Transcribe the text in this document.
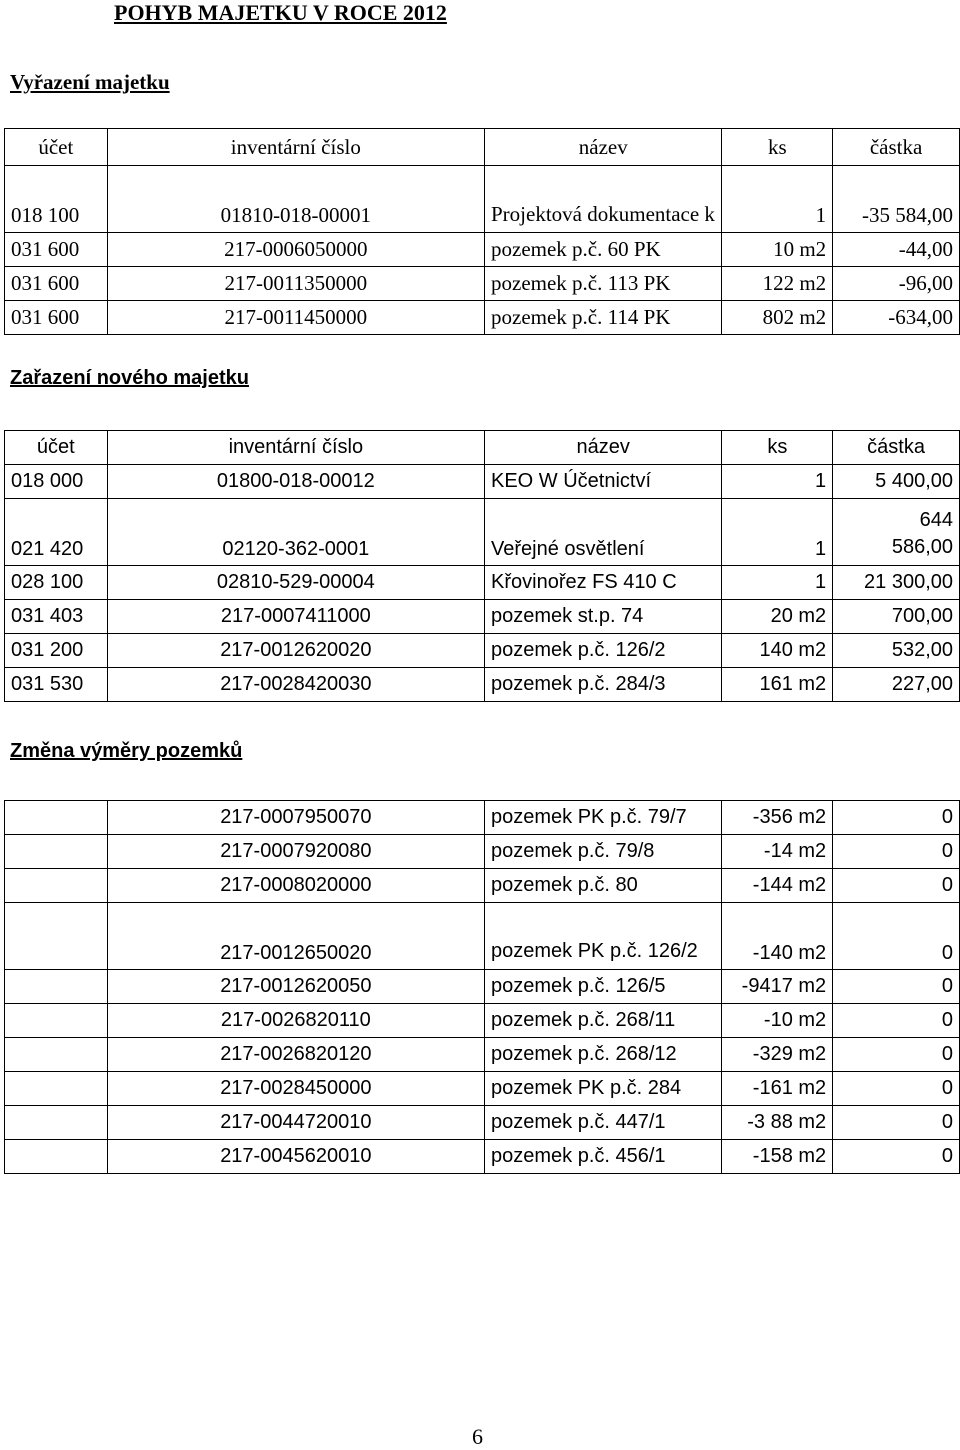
POHYB MAJETKU V ROCE 2012
Vyřazení majetku
účet	inventární číslo	název	ks	částka
018 100	01810-018-00001	Projektová dokumentace k	1	-35 584,00
031 600	217-0006050000	pozemek p.č. 60 PK	10 m2	-44,00
031 600	217-0011350000	pozemek p.č. 113 PK	122 m2	-96,00
031 600	217-0011450000	pozemek p.č. 114 PK	802 m2	-634,00
Zařazení nového majetku
účet	inventární číslo	název	ks	částka
018 000	01800-018-00012	KEO W Účetnictví	1	5 400,00
021 420	02120-362-0001	Veřejné osvětlení	1	644 586,00
028 100	02810-529-00004	Křovinořez FS 410 C	1	21 300,00
031 403	217-0007411000	pozemek st.p. 74	20 m2	700,00
031 200	217-0012620020	pozemek p.č. 126/2	140 m2	532,00
031 530	217-0028420030	pozemek p.č. 284/3	161 m2	227,00
Změna výměry pozemků
	217-0007950070	pozemek PK p.č. 79/7	-356 m2	0
	217-0007920080	pozemek p.č. 79/8	-14 m2	0
	217-0008020000	pozemek p.č. 80	-144 m2	0
	217-0012650020	pozemek PK p.č. 126/2	-140 m2	0
	217-0012620050	pozemek p.č. 126/5	-9417 m2	0
	217-0026820110	pozemek p.č. 268/11	-10 m2	0
	217-0026820120	pozemek p.č. 268/12	-329 m2	0
	217-0028450000	pozemek PK p.č. 284	-161 m2	0
	217-0044720010	pozemek p.č. 447/1	-3 88 m2	0
	217-0045620010	pozemek p.č. 456/1	-158 m2	0
6
